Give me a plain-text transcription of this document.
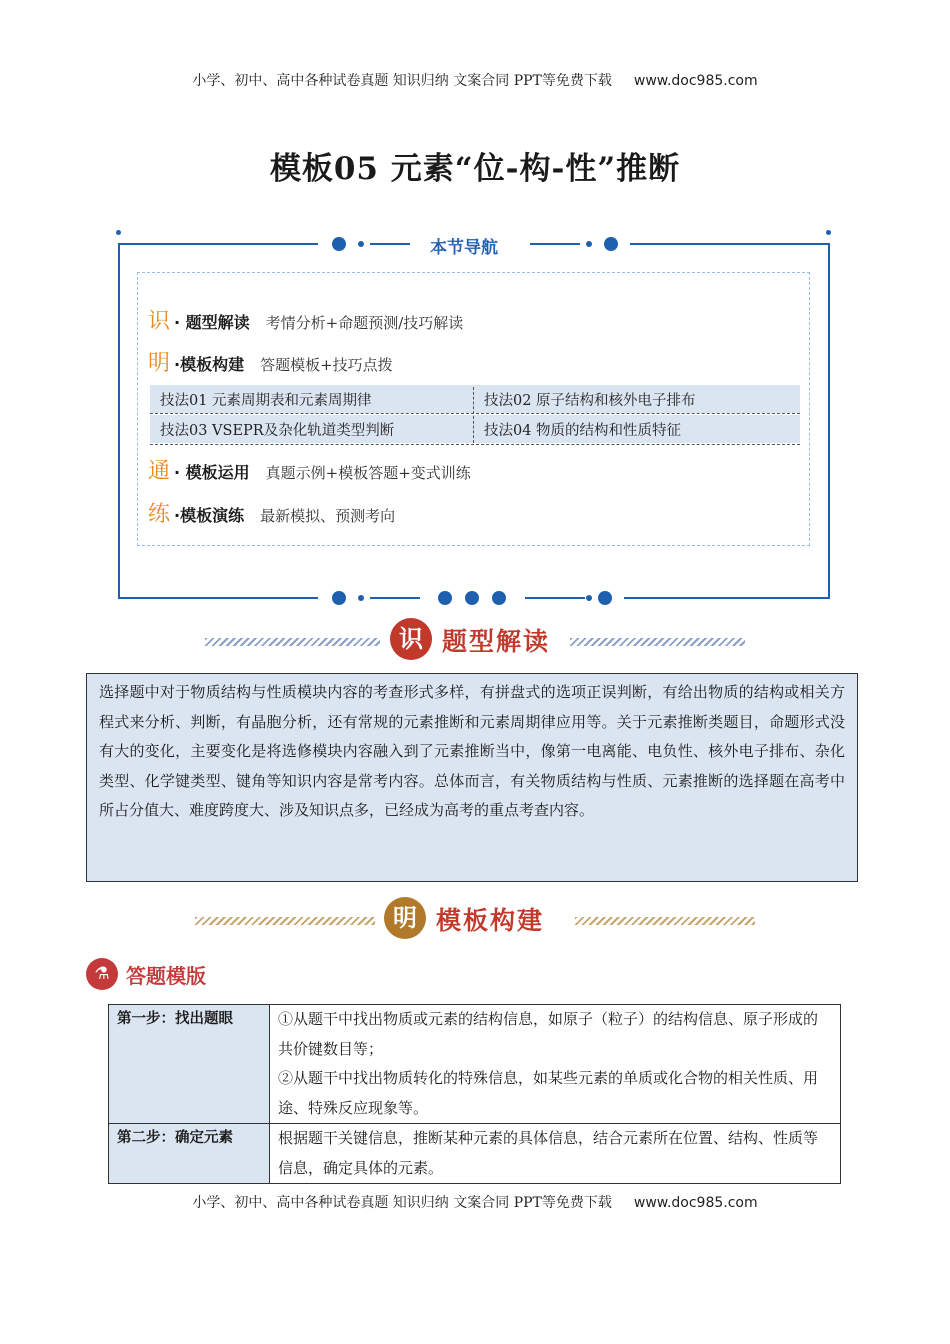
小学、初中、高中各种试卷真题 知识归纳 文案合同 PPT等免费下载 www.doc985.com
模板05 元素“位-构-性”推断
本节导航
识 · 题型解读 考情分析+命题预测/技巧解读
明 ·模板构建 答题模板+技巧点拨
技法01 元素周期表和元素周期律	技法02 原子结构和核外电子排布
技法03 VSEPR及杂化轨道类型判断	技法04 物质的结构和性质特征
通 · 模板运用 真题示例+模板答题+变式训练
练 ·模板演练 最新模拟、预测考向
识 题型解读
选择题中对于物质结构与性质模块内容的考查形式多样，有拼盘式的选项正误判断，有给出物质的结构或相关方程式来分析、判断，有晶胞分析，还有常规的元素推断和元素周期律应用等。关于元素推断类题目，命题形式没有大的变化，主要变化是将选修模块内容融入到了元素推断当中，像第一电离能、电负性、核外电子排布、杂化类型、化学键类型、键角等知识内容是常考内容。总体而言，有关物质结构与性质、元素推断的选择题在高考中所占分值大、难度跨度大、涉及知识点多，已经成为高考的重点考查内容。
明 模板构建
⚗ 答题模版
第一步：找出题眼	①从题干中找出物质或元素的结构信息，如原子（粒子）的结构信息、原子形成的共价键数目等；
②从题干中找出物质转化的特殊信息，如某些元素的单质或化合物的相关性质、用途、特殊反应现象等。

第二步：确定元素	根据题干关键信息，推断某种元素的具体信息，结合元素所在位置、结构、性质等信息，确定具体的元素。
小学、初中、高中各种试卷真题 知识归纳 文案合同 PPT等免费下载 www.doc985.com
